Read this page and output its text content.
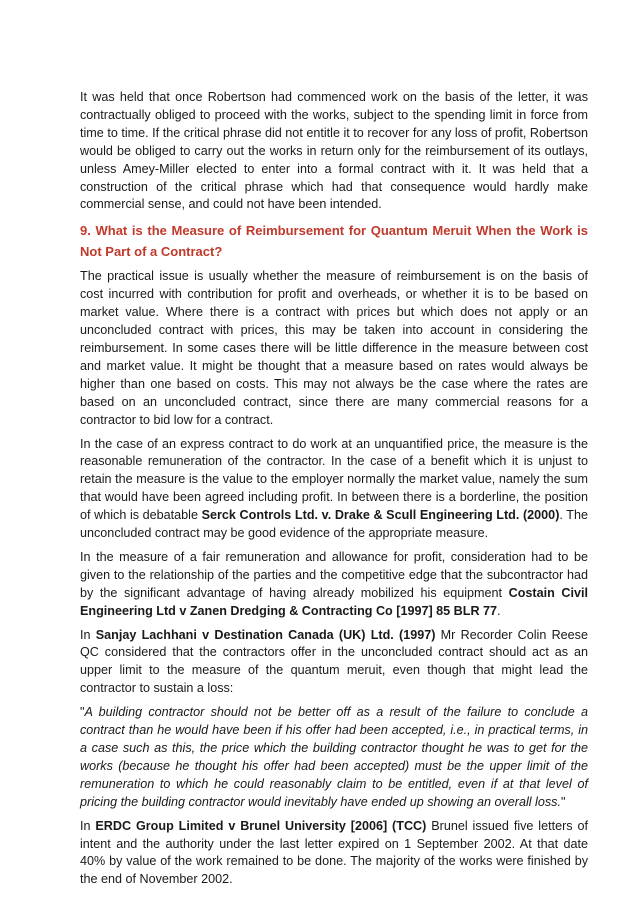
It was held that once Robertson had commenced work on the basis of the letter, it was contractually obliged to proceed with the works, subject to the spending limit in force from time to time. If the critical phrase did not entitle it to recover for any loss of profit, Robertson would be obliged to carry out the works in return only for the reimbursement of its outlays, unless Amey-Miller elected to enter into a formal contract with it. It was held that a construction of the critical phrase which had that consequence would hardly make commercial sense, and could not have been intended.

9. What is the Measure of Reimbursement for Quantum Meruit When the Work is Not Part of a Contract?

The practical issue is usually whether the measure of reimbursement is on the basis of cost incurred with contribution for profit and overheads, or whether it is to be based on market value. Where there is a contract with prices but which does not apply or an unconcluded contract with prices, this may be taken into account in considering the reimbursement. In some cases there will be little difference in the measure between cost and market value. It might be thought that a measure based on rates would always be higher than one based on costs. This may not always be the case where the rates are based on an unconcluded contract, since there are many commercial reasons for a contractor to bid low for a contract.

In the case of an express contract to do work at an unquantified price, the measure is the reasonable remuneration of the contractor. In the case of a benefit which it is unjust to retain the measure is the value to the employer normally the market value, namely the sum that would have been agreed including profit. In between there is a borderline, the position of which is debatable Serck Controls Ltd. v. Drake & Scull Engineering Ltd. (2000). The unconcluded contract may be good evidence of the appropriate measure.

In the measure of a fair remuneration and allowance for profit, consideration had to be given to the relationship of the parties and the competitive edge that the subcontractor had by the significant advantage of having already mobilized his equipment Costain Civil Engineering Ltd v Zanen Dredging & Contracting Co [1997] 85 BLR 77.

In Sanjay Lachhani v Destination Canada (UK) Ltd. (1997) Mr Recorder Colin Reese QC considered that the contractors offer in the unconcluded contract should act as an upper limit to the measure of the quantum meruit, even though that might lead the contractor to sustain a loss:

"A building contractor should not be better off as a result of the failure to conclude a contract than he would have been if his offer had been accepted, i.e., in practical terms, in a case such as this, the price which the building contractor thought he was to get for the works (because he thought his offer had been accepted) must be the upper limit of the remuneration to which he could reasonably claim to be entitled, even if at that level of pricing the building contractor would inevitably have ended up showing an overall loss."

In ERDC Group Limited v Brunel University [2006] (TCC) Brunel issued five letters of intent and the authority under the last letter expired on 1 September 2002. At that date 40% by value of the work remained to be done. The majority of the works were finished by the end of November 2002.
